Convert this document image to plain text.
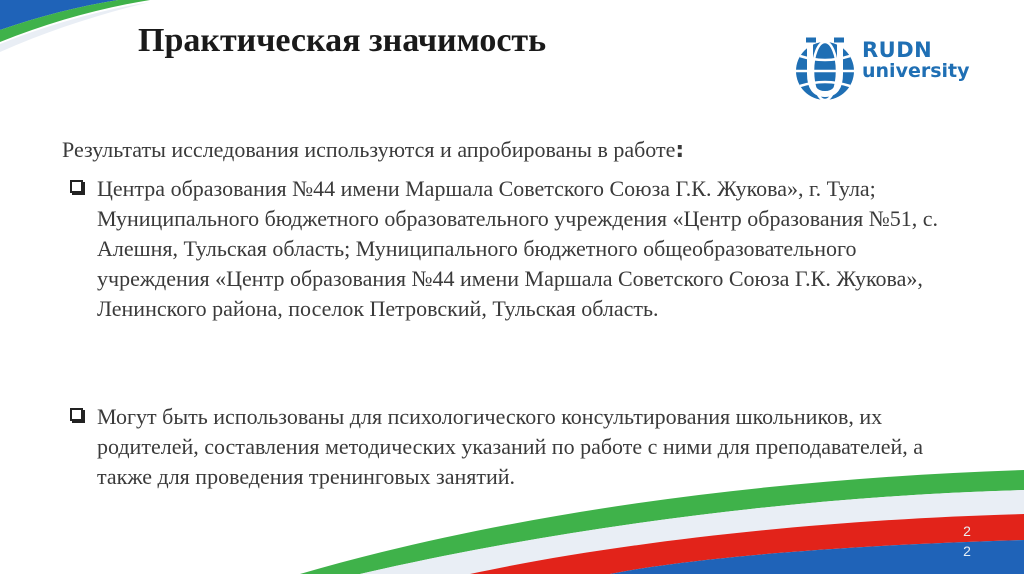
Практическая значимость	RUDN
university
Результаты исследования используются и апробированы в работе:
Центра образования №44 имени Маршала Советского Союза Г.К. Жукова», г. Тула; Муниципального бюджетного образовательного учреждения «Центр образования №51, с. Алешня, Тульская область; Муниципального бюджетного общеобразовательного учреждения «Центр образования №44 имени Маршала Советского Союза Г.К. Жукова», Ленинского района, поселок Петровский, Тульская область.
Могут быть использованы для психологического консультирования школьников, их родителей, составления методических указаний по работе с ними для преподавателей, а также для проведения тренинговых занятий.
2
2
